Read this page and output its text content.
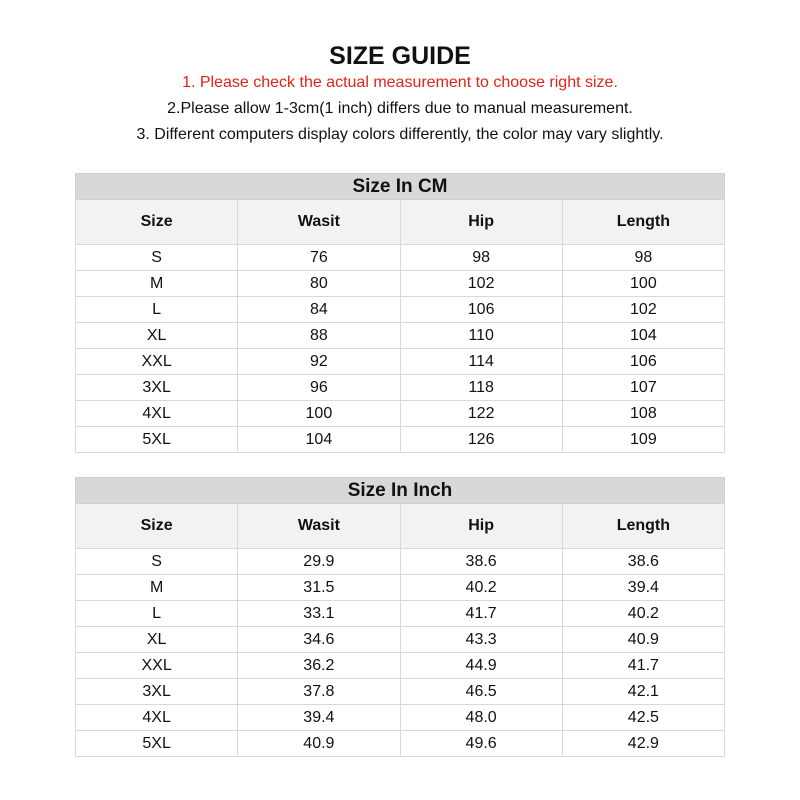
SIZE GUIDE
1. Please check the actual measurement to choose right size.
2.Please allow 1-3cm(1 inch) differs due to manual measurement.
3. Different computers display colors differently, the color may vary slightly.
Size In CM			
Size	Wasit	Hip	Length
S	76	98	98
M	80	102	100
L	84	106	102
XL	88	110	104
XXL	92	114	106
3XL	96	118	107
4XL	100	122	108
5XL	104	126	109
Size In Inch			
Size	Wasit	Hip	Length
S	29.9	38.6	38.6
M	31.5	40.2	39.4
L	33.1	41.7	40.2
XL	34.6	43.3	40.9
XXL	36.2	44.9	41.7
3XL	37.8	46.5	42.1
4XL	39.4	48.0	42.5
5XL	40.9	49.6	42.9
